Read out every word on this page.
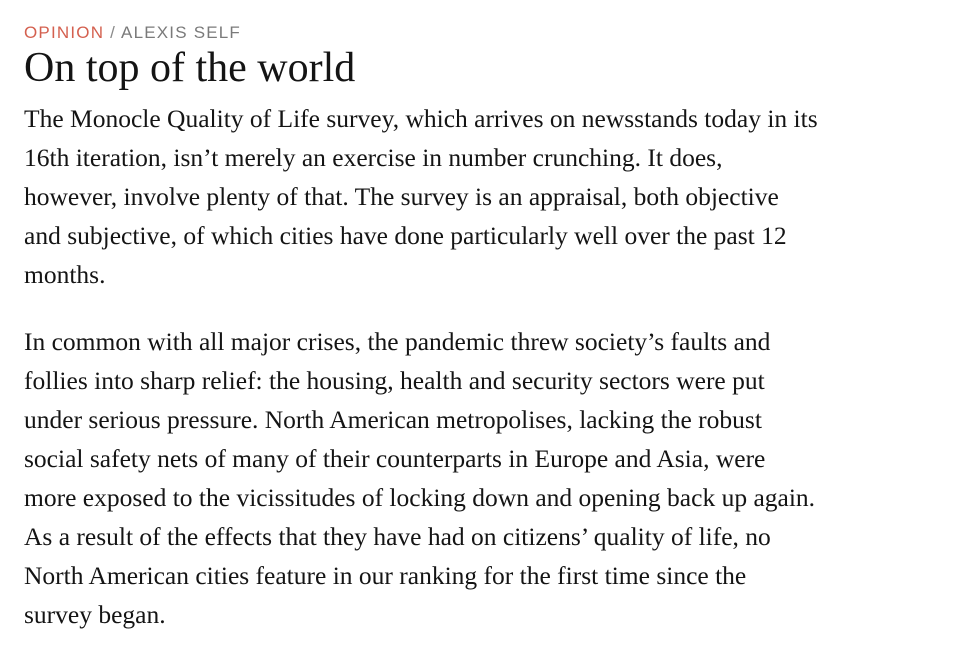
OPINION / ALEXIS SELF
On top of the world

The Monocle Quality of Life survey, which arrives on newsstands today in its
16th iteration, isn’t merely an exercise in number crunching. It does,
however, involve plenty of that. The survey is an appraisal, both objective
and subjective, of which cities have done particularly well over the past 12
months.

In common with all major crises, the pandemic threw society’s faults and
follies into sharp relief: the housing, health and security sectors were put
under serious pressure. North American metropolises, lacking the robust
social safety nets of many of their counterparts in Europe and Asia, were
more exposed to the vicissitudes of locking down and opening back up again.
As a result of the effects that they have had on citizens’ quality of life, no
North American cities feature in our ranking for the first time since the
survey began.
